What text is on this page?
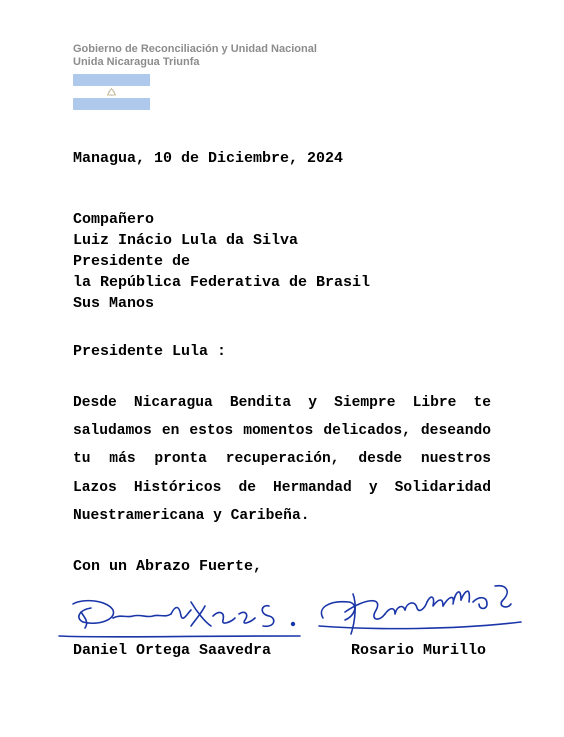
Gobierno de Reconciliación y Unidad Nacional
Unida Nicaragua Triunfa
Managua, 10 de Diciembre, 2024
Compañero
Luiz Inácio Lula da Silva
Presidente de
la República Federativa de Brasil
Sus Manos
Presidente Lula :
Desde Nicaragua Bendita y Siempre Libre te saludamos en estos momentos delicados, deseando tu más pronta recuperación, desde nuestros Lazos Históricos de Hermandad y Solidaridad Nuestramericana y Caribeña.
Con un Abrazo Fuerte,
Daniel Ortega Saavedra	Rosario Murillo
